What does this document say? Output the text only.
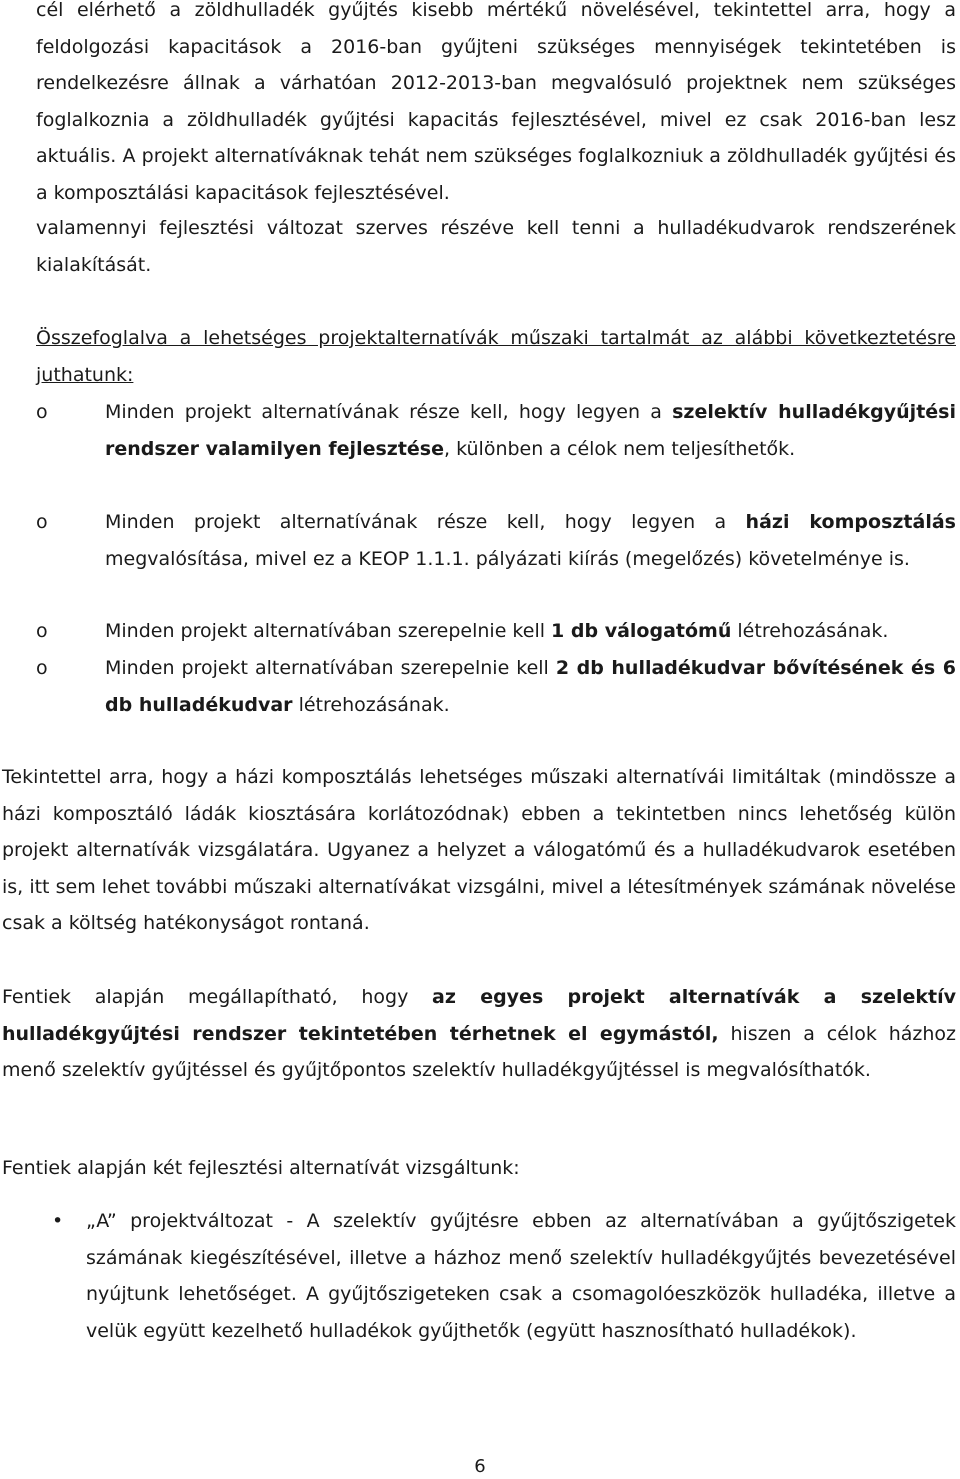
cél elérhető a zöldhulladék gyűjtés kisebb mértékű növelésével, tekintettel arra, hogy a feldolgozási kapacitások a 2016-ban gyűjteni szükséges mennyiségek tekintetében is rendelkezésre állnak a várhatóan 2012-2013-ban megvalósuló projektnek nem szükséges foglalkoznia a zöldhulladék gyűjtési kapacitás fejlesztésével, mivel ez csak 2016-ban lesz aktuális. A projekt alternatíváknak tehát nem szükséges foglalkozniuk a zöldhulladék gyűjtési és a komposztálási kapacitások fejlesztésével.
valamennyi fejlesztési változat szerves részéve kell tenni a hulladékudvarok rendszerének kialakítását.
Összefoglalva a lehetséges projektalternatívák műszaki tartalmát az alábbi következtetésre juthatunk:
o	Minden projekt alternatívának része kell, hogy legyen a szelektív hulladékgyűjtési rendszer valamilyen fejlesztése, különben a célok nem teljesíthetők.
o	Minden projekt alternatívának része kell, hogy legyen a házi komposztálás megvalósítása, mivel ez a KEOP 1.1.1. pályázati kiírás (megelőzés) követelménye is.
o	Minden projekt alternatívában szerepelnie kell 1 db válogatómű létrehozásának.
o	Minden projekt alternatívában szerepelnie kell 2 db hulladékudvar bővítésének és 6 db hulladékudvar létrehozásának.
Tekintettel arra, hogy a házi komposztálás lehetséges műszaki alternatívái limitáltak (mindössze a házi komposztáló ládák kiosztására korlátozódnak) ebben a tekintetben nincs lehetőség külön projekt alternatívák vizsgálatára. Ugyanez a helyzet a válogatómű és a hulladékudvarok esetében is, itt sem lehet további műszaki alternatívákat vizsgálni, mivel a létesítmények számának növelése csak a költség hatékonyságot rontaná.
Fentiek alapján megállapítható, hogy az egyes projekt alternatívák a szelektív hulladékgyűjtési rendszer tekintetében térhetnek el egymástól, hiszen a célok házhoz menő szelektív gyűjtéssel és gyűjtőpontos szelektív hulladékgyűjtéssel is megvalósíthatók.
Fentiek alapján két fejlesztési alternatívát vizsgáltunk:
• „A” projektváltozat - A szelektív gyűjtésre ebben az alternatívában a gyűjtőszigetek számának kiegészítésével, illetve a házhoz menő szelektív hulladékgyűjtés bevezetésével nyújtunk lehetőséget. A gyűjtőszigeteken csak a csomagolóeszközök hulladéka, illetve a velük együtt kezelhető hulladékok gyűjthetők (együtt hasznosítható hulladékok).
6
